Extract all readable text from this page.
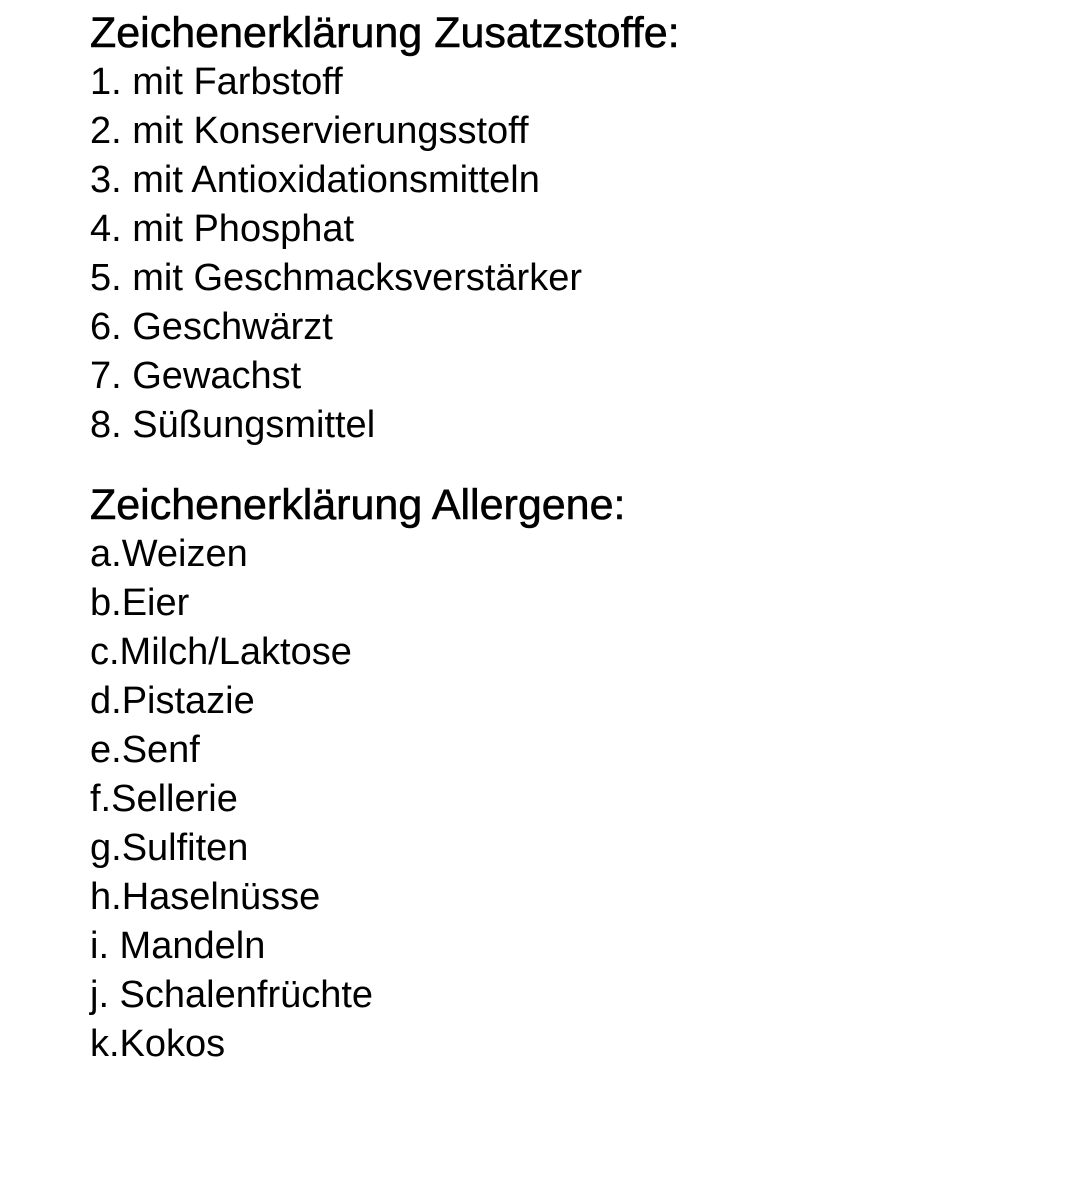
Zeichenerklärung Zusatzstoffe:
1. mit Farbstoff
2. mit Konservierungsstoff
3. mit Antioxidationsmitteln
4. mit Phosphat
5. mit Geschmacksverstärker
6. Geschwärzt
7. Gewachst
8. Süßungsmittel
Zeichenerklärung Allergene:
a.Weizen
b.Eier
c.Milch/Laktose
d.Pistazie
e.Senf
f.Sellerie
g.Sulfiten
h.Haselnüsse
i. Mandeln
j. Schalenfrüchte
k.Kokos
